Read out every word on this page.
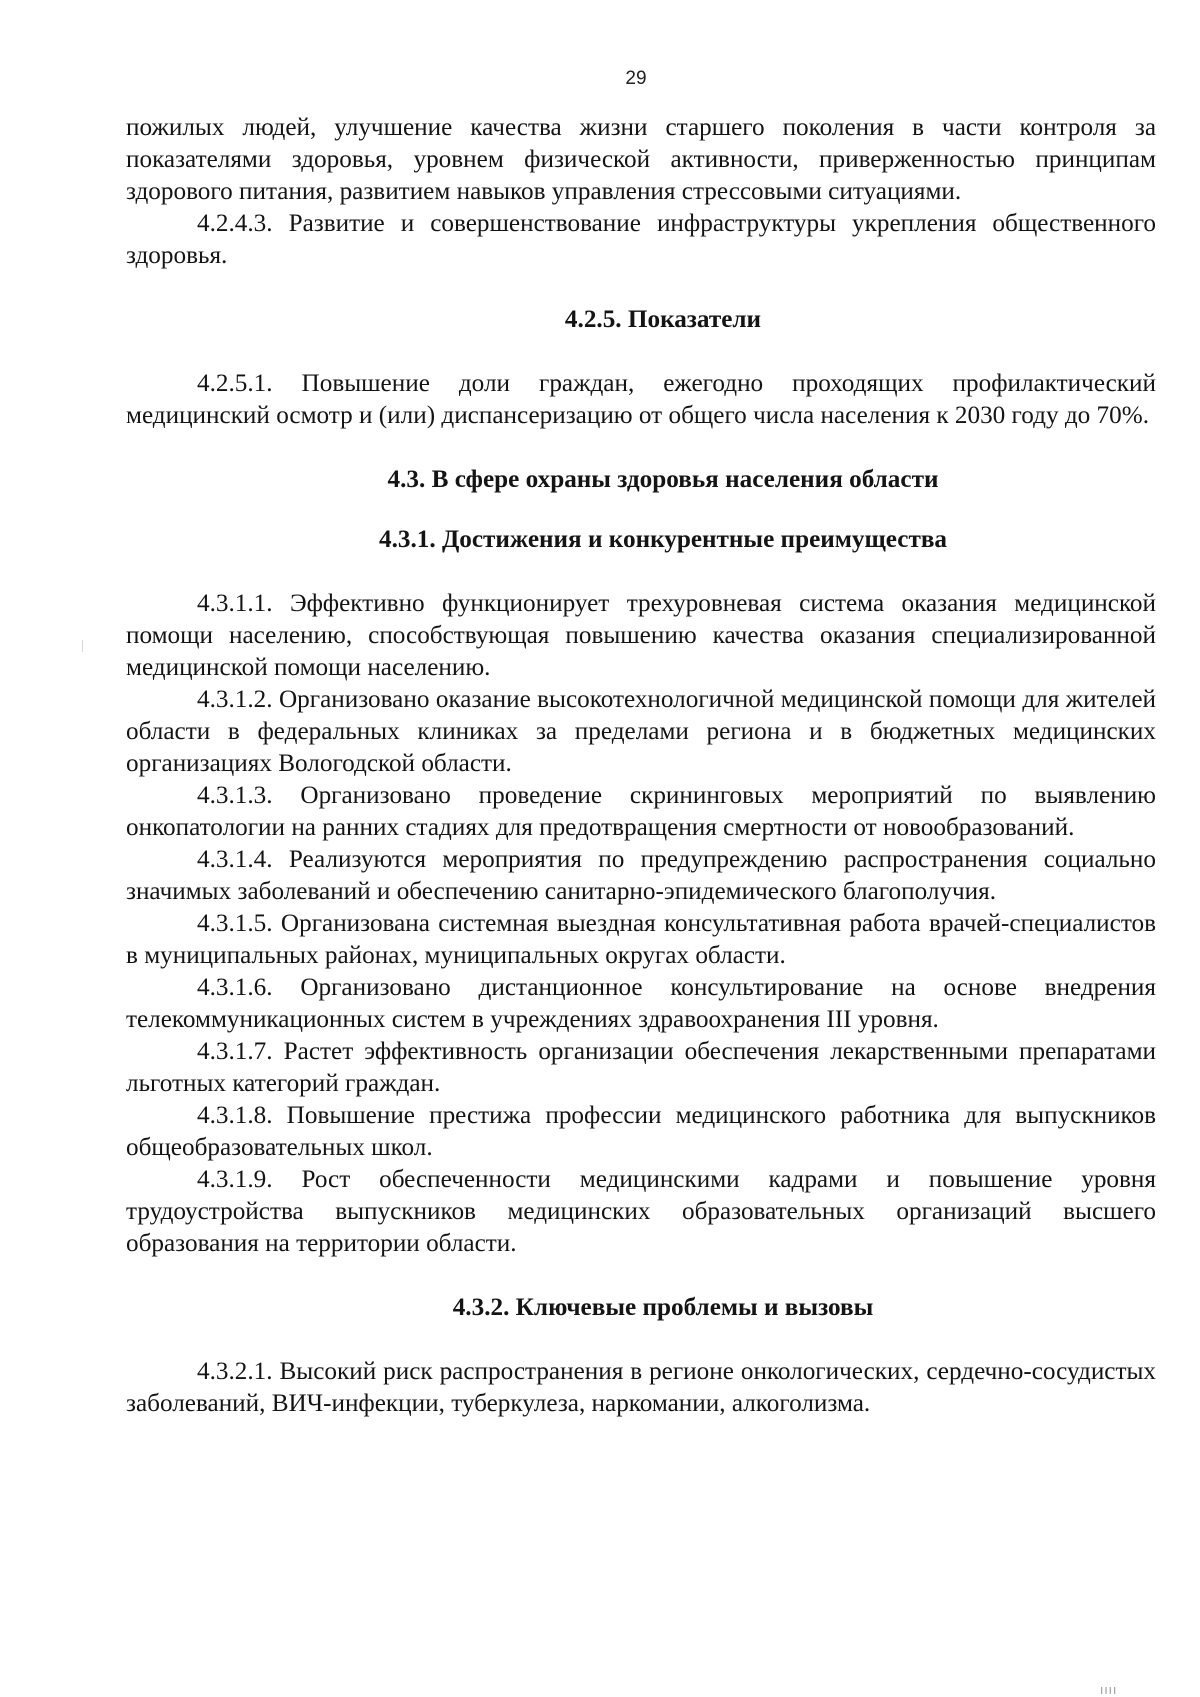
29

пожилых людей, улучшение качества жизни старшего поколения в части контроля за показателями здоровья, уровнем физической активности, приверженностью принципам здорового питания, развитием навыков управления стрессовыми ситуациями.

4.2.4.3. Развитие и совершенствование инфраструктуры укрепления общественного здоровья.

4.2.5. Показатели

4.2.5.1. Повышение доли граждан, ежегодно проходящих профилактический медицинский осмотр и (или) диспансеризацию от общего числа населения к 2030 году до 70%.

4.3. В сфере охраны здоровья населения области
4.3.1. Достижения и конкурентные преимущества

4.3.1.1. Эффективно функционирует трехуровневая система оказания медицинской помощи населению, способствующая повышению качества оказания специализированной медицинской помощи населению.

4.3.1.2. Организовано оказание высокотехнологичной медицинской помощи для жителей области в федеральных клиниках за пределами региона и в бюджетных медицинских организациях Вологодской области.

4.3.1.3. Организовано проведение скрининговых мероприятий по выявлению онкопатологии на ранних стадиях для предотвращения смертности от новообразований.

4.3.1.4. Реализуются мероприятия по предупреждению распространения социально значимых заболеваний и обеспечению санитарно-эпидемического благополучия.

4.3.1.5. Организована системная выездная консультативная работа врачей-специалистов в муниципальных районах, муниципальных округах области.

4.3.1.6. Организовано дистанционное консультирование на основе внедрения телекоммуникационных систем в учреждениях здравоохранения III уровня.

4.3.1.7. Растет эффективность организации обеспечения лекарственными препаратами льготных категорий граждан.

4.3.1.8. Повышение престижа профессии медицинского работника для выпускников общеобразовательных школ.

4.3.1.9. Рост обеспеченности медицинскими кадрами и повышение уровня трудоустройства выпускников медицинских образовательных организаций высшего образования на территории области.

4.3.2. Ключевые проблемы и вызовы

4.3.2.1. Высокий риск распространения в регионе онкологических, сердечно-сосудистых заболеваний, ВИЧ-инфекции, туберкулеза, наркомании, алкоголизма.

ıııı
